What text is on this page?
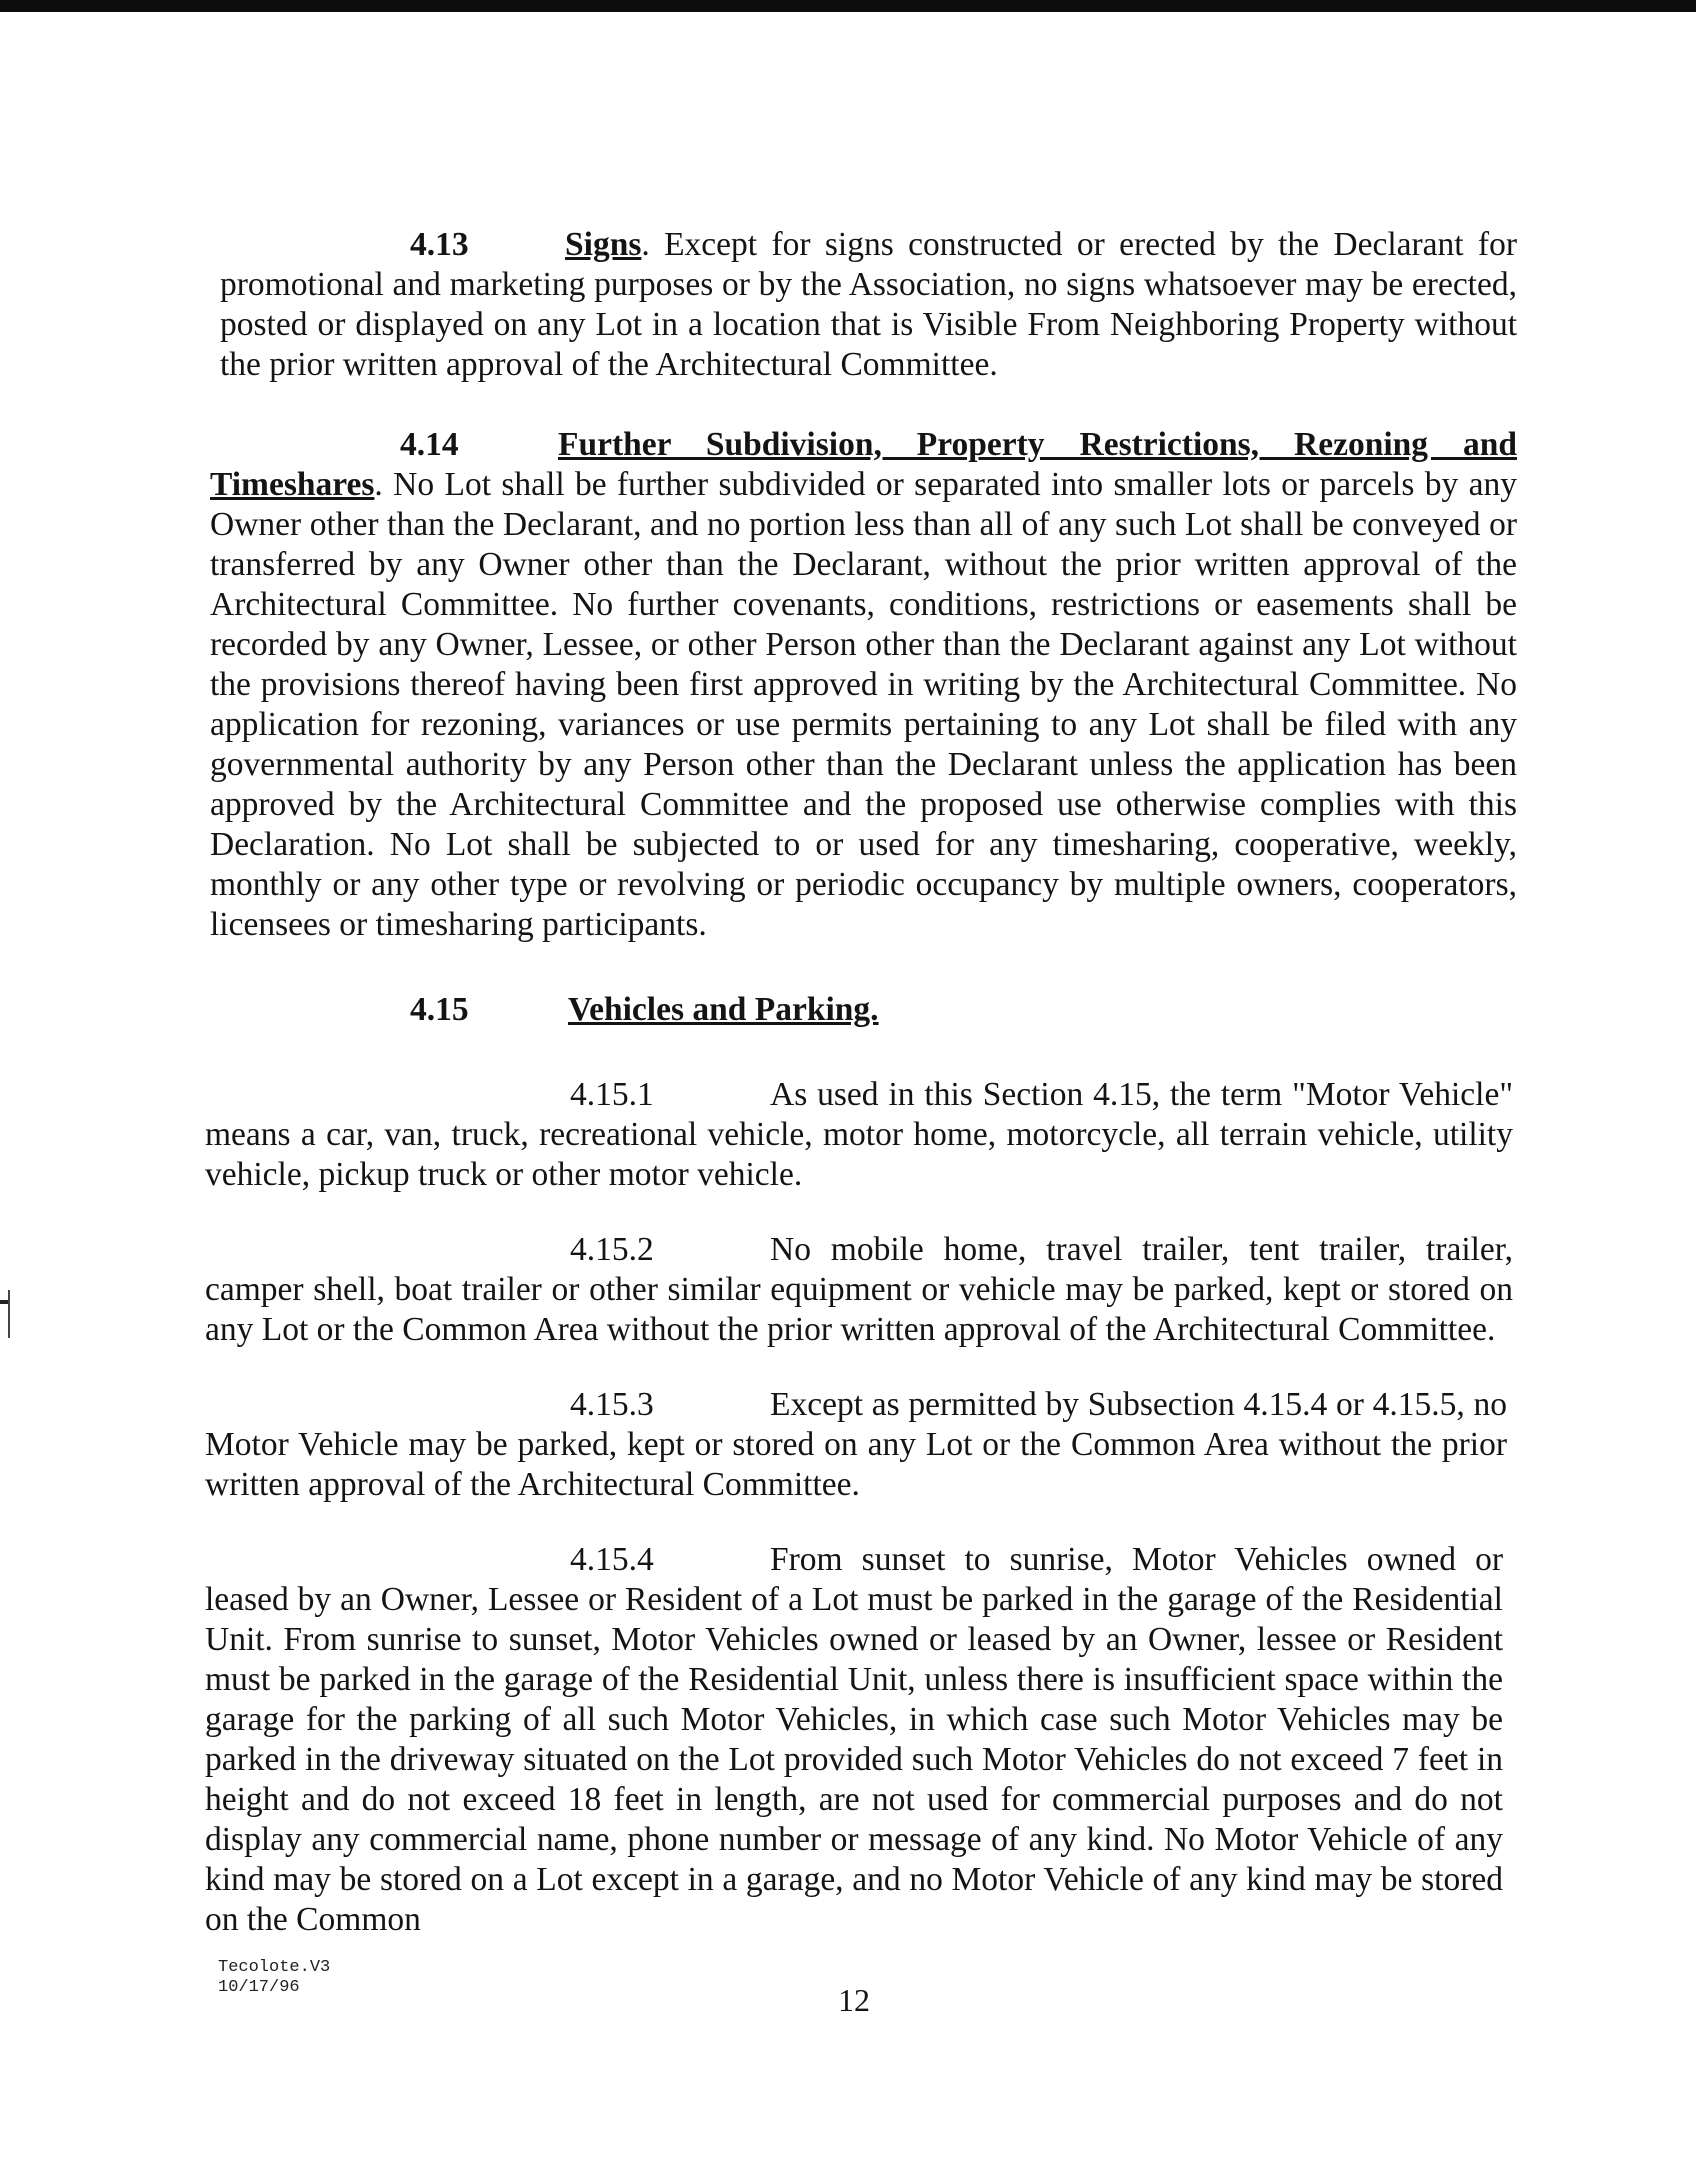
4.13	Signs. Except for signs constructed or erected by the Declarant for promotional and marketing purposes or by the Association, no signs whatsoever may be erected, posted or displayed on any Lot in a location that is Visible From Neighboring Property without the prior written approval of the Architectural Committee.

4.14	Further Subdivision, Property Restrictions, Rezoning and Timeshares. No Lot shall be further subdivided or separated into smaller lots or parcels by any Owner other than the Declarant, and no portion less than all of any such Lot shall be conveyed or transferred by any Owner other than the Declarant, without the prior written approval of the Architectural Committee. No further covenants, conditions, restrictions or easements shall be recorded by any Owner, Lessee, or other Person other than the Declarant against any Lot without the provisions thereof having been first approved in writing by the Architectural Committee. No application for rezoning, variances or use permits pertaining to any Lot shall be filed with any governmental authority by any Person other than the Declarant unless the application has been approved by the Architectural Committee and the proposed use otherwise complies with this Declaration. No Lot shall be subjected to or used for any timesharing, cooperative, weekly, monthly or any other type or revolving or periodic occupancy by multiple owners, cooperators, licensees or timesharing participants.

4.15	Vehicles and Parking.

4.15.1	As used in this Section 4.15, the term "Motor Vehicle" means a car, van, truck, recreational vehicle, motor home, motorcycle, all terrain vehicle, utility vehicle, pickup truck or other motor vehicle.

4.15.2	No mobile home, travel trailer, tent trailer, trailer, camper shell, boat trailer or other similar equipment or vehicle may be parked, kept or stored on any Lot or the Common Area without the prior written approval of the Architectural Committee.

4.15.3	Except as permitted by Subsection 4.15.4 or 4.15.5, no Motor Vehicle may be parked, kept or stored on any Lot or the Common Area without the prior written approval of the Architectural Committee.

4.15.4	From sunset to sunrise, Motor Vehicles owned or leased by an Owner, Lessee or Resident of a Lot must be parked in the garage of the Residential Unit. From sunrise to sunset, Motor Vehicles owned or leased by an Owner, lessee or Resident must be parked in the garage of the Residential Unit, unless there is insufficient space within the garage for the parking of all such Motor Vehicles, in which case such Motor Vehicles may be parked in the driveway situated on the Lot provided such Motor Vehicles do not exceed 7 feet in height and do not exceed 18 feet in length, are not used for commercial purposes and do not display any commercial name, phone number or message of any kind. No Motor Vehicle of any kind may be stored on a Lot except in a garage, and no Motor Vehicle of any kind may be stored on the Common

Tecolote.V3
10/17/96	12
